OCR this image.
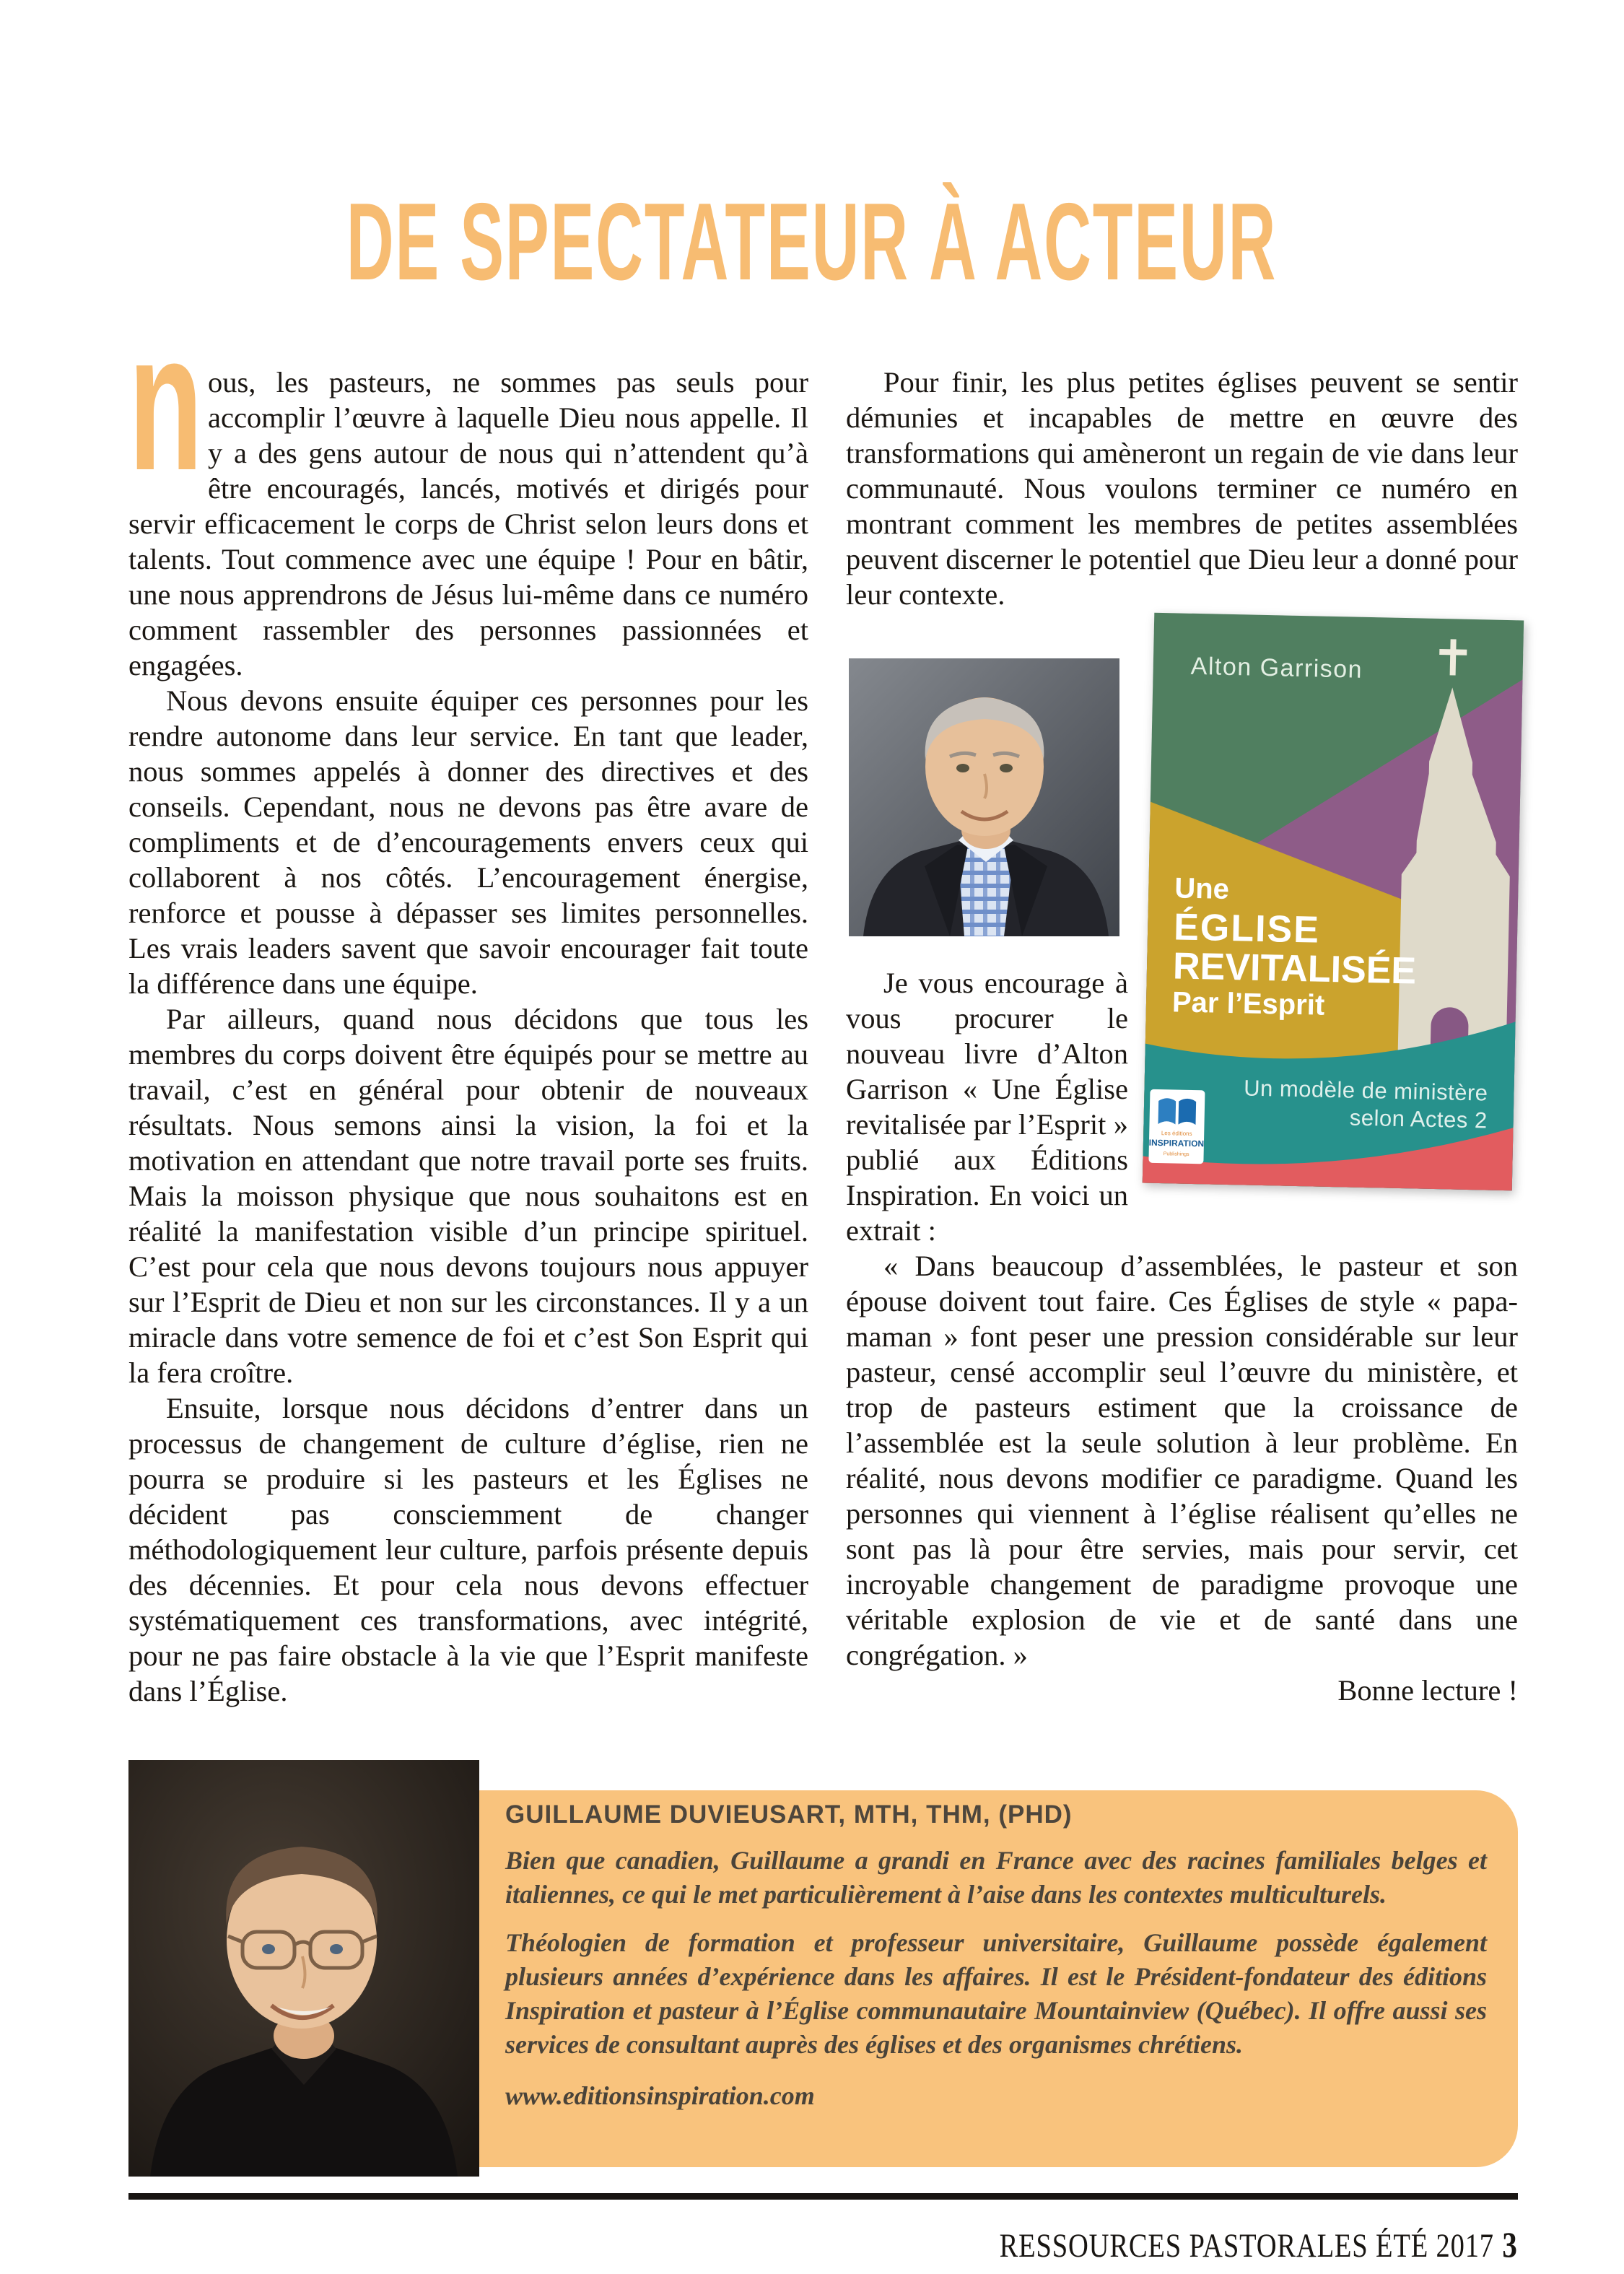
DE SPECTATEUR À ACTEUR

n ous, les pasteurs, ne sommes pas seuls pour accomplir l’œuvre à laquelle Dieu nous appelle. Il y a des gens autour de nous qui n’attendent qu’à être encouragés, lancés, motivés et dirigés pour servir efficacement le corps de Christ selon leurs dons et talents. Tout commence avec une équipe ! Pour en bâtir, une nous apprendrons de Jésus lui-même dans ce numéro comment rassembler des personnes passionnées et engagées.

Nous devons ensuite équiper ces personnes pour les rendre autonome dans leur service. En tant que leader, nous sommes appelés à donner des directives et des conseils. Cependant, nous ne devons pas être avare de compliments et de d’encouragements envers ceux qui collaborent à nos côtés. L’encouragement énergise, renforce et pousse à dépasser ses limites personnelles. Les vrais leaders savent que savoir encourager fait toute la différence dans une équipe.

Par ailleurs, quand nous décidons que tous les membres du corps doivent être équipés pour se mettre au travail, c’est en général pour obtenir de nouveaux résultats. Nous semons ainsi la vision, la foi et la motivation en attendant que notre travail porte ses fruits. Mais la moisson physique que nous souhaitons est en réalité la manifestation visible d’un principe spirituel. C’est pour cela que nous devons toujours nous appuyer sur l’Esprit de Dieu et non sur les circonstances. Il y a un miracle dans votre semence de foi et c’est Son Esprit qui la fera croître.

Ensuite, lorsque nous décidons d’entrer dans un processus de changement de culture d’église, rien ne pourra se produire si les pasteurs et les Églises ne décident pas consciemment de changer méthodologiquement leur culture, parfois présente depuis des décennies. Et pour cela nous devons effectuer systématiquement ces transformations, avec intégrité, pour ne pas faire obstacle à la vie que l’Esprit manifeste dans l’Église.

Pour finir, les plus petites églises peuvent se sentir démunies et incapables de mettre en œuvre des transformations qui amèneront un regain de vie dans leur communauté. Nous voulons terminer ce numéro en montrant comment les membres de petites assemblées peuvent discerner le potentiel que Dieu leur a donné pour leur contexte.

Les éditions
INSPIRATION
Publishings
Alton Garrison
Une
ÉGLISE
REVITALISÉE
Par l’Esprit
Un modèle de ministère
selon Actes 2

Je vous encourage à vous procurer le nouveau livre d’Alton Garrison « Une Église revitalisée par l’Esprit » publié aux Éditions Inspiration. En voici un extrait :

« Dans beaucoup d’assemblées, le pasteur et son épouse doivent tout faire. Ces Églises de style « papa-maman » font peser une pression considérable sur leur pasteur, censé accomplir seul l’œuvre du ministère, et trop de pasteurs estiment que la croissance de l’assemblée est la seule solution à leur problème. En réalité, nous devons modifier ce paradigme. Quand les personnes qui viennent à l’église réalisent qu’elles ne sont pas là pour être servies, mais pour servir, cet incroyable changement de paradigme provoque une véritable explosion de vie et de santé dans une congrégation. »

Bonne lecture !

GUILLAUME DUVIEUSART, MTH, THM, (PHD)

Bien que canadien, Guillaume a grandi en France avec des racines familiales belges et italiennes, ce qui le met particulièrement à l’aise dans les contextes multiculturels.

Théologien de formation et professeur universitaire, Guillaume possède également plusieurs années d’expérience dans les affaires. Il est le Président-fondateur des éditions Inspiration et pasteur à l’Église communautaire Mountainview (Québec). Il offre aussi ses services de consultant auprès des églises et des organismes chrétiens.

www.editionsinspiration.com
RESSOURCES PASTORALES ÉTÉ 2017 3
